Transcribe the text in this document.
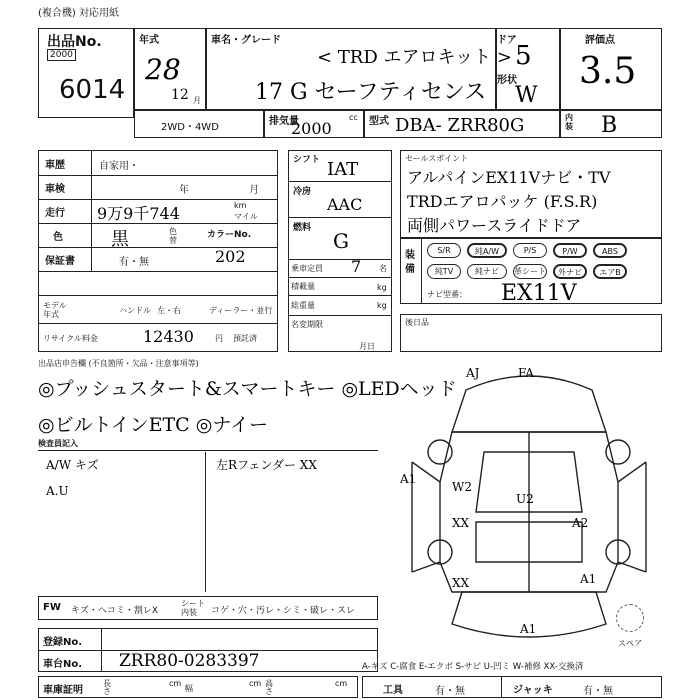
(複合機) 対応用紙
出品No.
2000
6014
年式
28
12 月
車名・グレード
< TRD エアロキット >
17 G セーフティセンス
2WD・4WD
ドア
5
形状
W
評価点
3.5
内装 B
排気量
2000
cc 型式 DBA- ZRR80G
車歴	自家用・
車検	年	月
走行 9万9千744	km
マイル
色	黒	色替
カラーNo.
202
保証書	有・無
モデル年式	ハンドル 左・右	ディーラー・並行
リサイクル料金	12430	円 預託済
シフト IAT
冷房
AAC
燃料
G
乗車定員 7 名
積載量	kg
総重量	kg
名変期限
月日
セールスポイント
アルパインEX11Vナビ・TV
TRDエアロパッケ (F.S.R)
両側パワースライドドア
装備
S/R	純A/W	P/S	P/W	ABS
純TV	純ナビ	革シート	外ナビ	エアB
ナビ型番： EX11V
後日品
出品店申告欄 (不良箇所・欠品・注意事項等)
◎プッシュスタート&スマートキー ◎LEDヘッド
◎ビルトインETC ◎ナイー
検査員記入
A/W キズ
A.U
左Rフェンダー XX
AJ	FA
A1
W2
U2
XX	A2
XX	A1
A1
スペア
FW キズ・ヘコミ・割レX
シート内装	コゲ・穴・汚レ・シミ・破レ・スレ
登録No.
車台No. ZRR80-0283397
車庫証明
長さ
cm
幅
cm 高さ
cm
A-キズ C-腐食 E-エクボ S-サビ U-凹ミ W-補修 XX-交換済
工具	有・無	ジャッキ	有・無
